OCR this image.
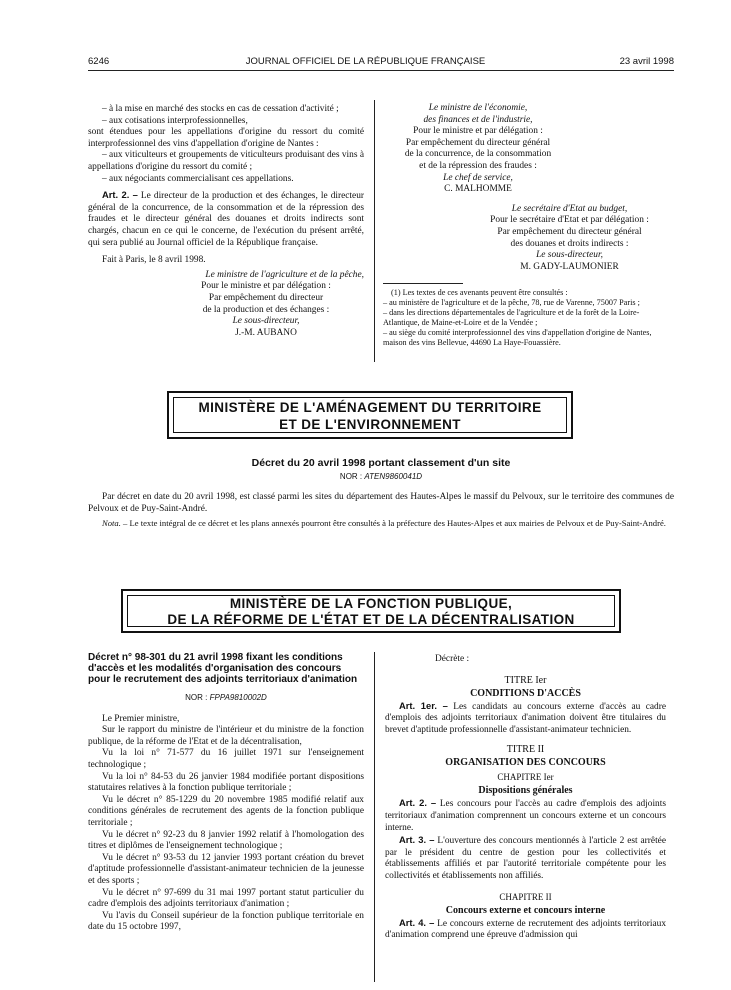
6246	JOURNAL OFFICIEL DE LA RÉPUBLIQUE FRANÇAISE	23 avril 1998

– à la mise en marché des stocks en cas de cessation d'activité ;

– aux cotisations interprofessionnelles,

sont étendues pour les appellations d'origine du ressort du comité interprofessionnel des vins d'appellation d'origine de Nantes :

– aux viticulteurs et groupements de viticulteurs produisant des vins à appellations d'origine du ressort du comité ;

– aux négociants commercialisant ces appellations.

Art. 2. – Le directeur de la production et des échanges, le directeur général de la concurrence, de la consommation et de la répression des fraudes et le directeur général des douanes et droits indirects sont chargés, chacun en ce qui le concerne, de l'exécution du présent arrêté, qui sera publié au Journal officiel de la République française.

Fait à Paris, le 8 avril 1998.

Le ministre de l'agriculture et de la pêche,
Pour le ministre et par délégation :
Par empêchement du directeur
de la production et des échanges :
Le sous-directeur,
J.-M. AUBANO
Le ministre de l'économie,
des finances et de l'industrie,
Pour le ministre et par délégation :
Par empêchement du directeur général
de la concurrence, de la consommation
et de la répression des fraudes :
Le chef de service,
C. MALHOMME
Le secrétaire d'Etat au budget,
Pour le secrétaire d'Etat et par délégation :
Par empêchement du directeur général
des douanes et droits indirects :
Le sous-directeur,
M. GADY-LAUMONIER
(1) Les textes de ces avenants peuvent être consultés :
– au ministère de l'agriculture et de la pêche, 78, rue de Varenne, 75007 Paris ;
– dans les directions départementales de l'agriculture et de la forêt de la Loire-Atlantique, de Maine-et-Loire et de la Vendée ;
– au siège du comité interprofessionnel des vins d'appellation d'origine de Nantes, maison des vins Bellevue, 44690 La Haye-Fouassière.
MINISTÈRE DE L'AMÉNAGEMENT DU TERRITOIRE
ET DE L'ENVIRONNEMENT
Décret du 20 avril 1998 portant classement d'un site
NOR : ATEN9860041D

Par décret en date du 20 avril 1998, est classé parmi les sites du département des Hautes-Alpes le massif du Pelvoux, sur le territoire des communes de Pelvoux et de Puy-Saint-André.

Nota. – Le texte intégral de ce décret et les plans annexés pourront être consultés à la préfecture des Hautes-Alpes et aux mairies de Pelvoux et de Puy-Saint-André.

MINISTÈRE DE LA FONCTION PUBLIQUE,
DE LA RÉFORME DE L'ÉTAT ET DE LA DÉCENTRALISATION
Décret n° 98-301 du 21 avril 1998 fixant les conditions d'accès et les modalités d'organisation des concours pour le recrutement des adjoints territoriaux d'animation
NOR : FPPA9810002D

Le Premier ministre,

Sur le rapport du ministre de l'intérieur et du ministre de la fonction publique, de la réforme de l'Etat et de la décentralisation,

Vu la loi n° 71-577 du 16 juillet 1971 sur l'enseignement technologique ;

Vu la loi n° 84-53 du 26 janvier 1984 modifiée portant dispositions statutaires relatives à la fonction publique territoriale ;

Vu le décret n° 85-1229 du 20 novembre 1985 modifié relatif aux conditions générales de recrutement des agents de la fonction publique territoriale ;

Vu le décret n° 92-23 du 8 janvier 1992 relatif à l'homologation des titres et diplômes de l'enseignement technologique ;

Vu le décret n° 93-53 du 12 janvier 1993 portant création du brevet d'aptitude professionnelle d'assistant-animateur technicien de la jeunesse et des sports ;

Vu le décret n° 97-699 du 31 mai 1997 portant statut particulier du cadre d'emplois des adjoints territoriaux d'animation ;

Vu l'avis du Conseil supérieur de la fonction publique territoriale en date du 15 octobre 1997,

Décrète :

TITRE Ier
CONDITIONS D'ACCÈS

Art. 1er. – Les candidats au concours externe d'accès au cadre d'emplois des adjoints territoriaux d'animation doivent être titulaires du brevet d'aptitude professionnelle d'assistant-animateur technicien.

TITRE II
ORGANISATION DES CONCOURS
CHAPITRE Ier
Dispositions générales

Art. 2. – Les concours pour l'accès au cadre d'emplois des adjoints territoriaux d'animation comprennent un concours externe et un concours interne.

Art. 3. – L'ouverture des concours mentionnés à l'article 2 est arrêtée par le président du centre de gestion pour les collectivités et établissements affiliés et par l'autorité territoriale compétente pour les collectivités et établissements non affiliés.

CHAPITRE II
Concours externe et concours interne

Art. 4. – Le concours externe de recrutement des adjoints territoriaux d'animation comprend une épreuve d'admission qui
